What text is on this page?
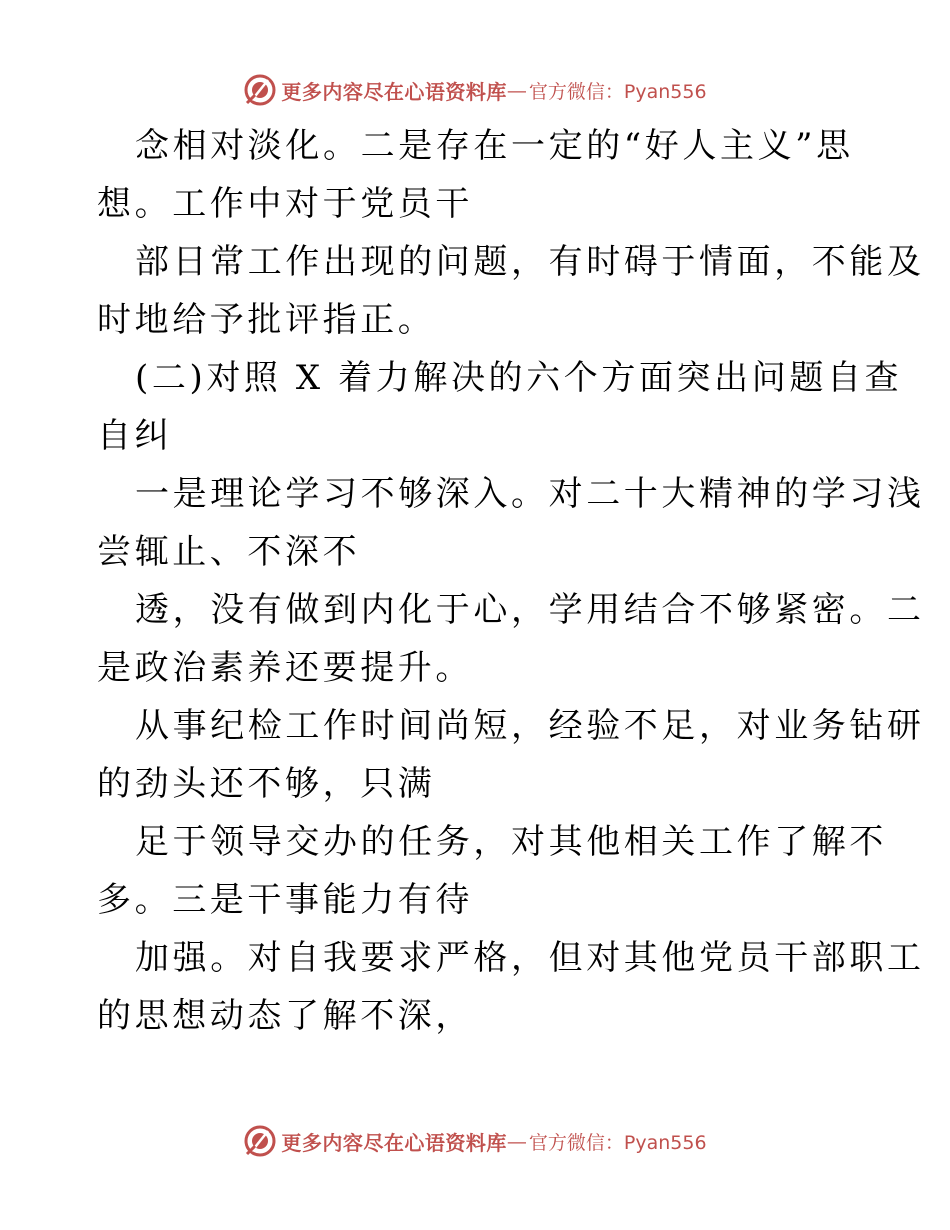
更多内容尽在心语资料库 — 官方微信：Pyan556
念相对淡化。二是存在一定的“好人主义”思
想。工作中对于党员干
部日常工作出现的问题，有时碍于情面，不能及
时地给予批评指正。
(二)对照 X 着力解决的六个方面突出问题自查
自纠
一是理论学习不够深入。对二十大精神的学习浅
尝辄止、不深不
透，没有做到内化于心，学用结合不够紧密。二
是政治素养还要提升。
从事纪检工作时间尚短，经验不足，对业务钻研
的劲头还不够，只满
足于领导交办的任务，对其他相关工作了解不
多。三是干事能力有待
加强。对自我要求严格，但对其他党员干部职工
的思想动态了解不深，
更多内容尽在心语资料库 — 官方微信：Pyan556
